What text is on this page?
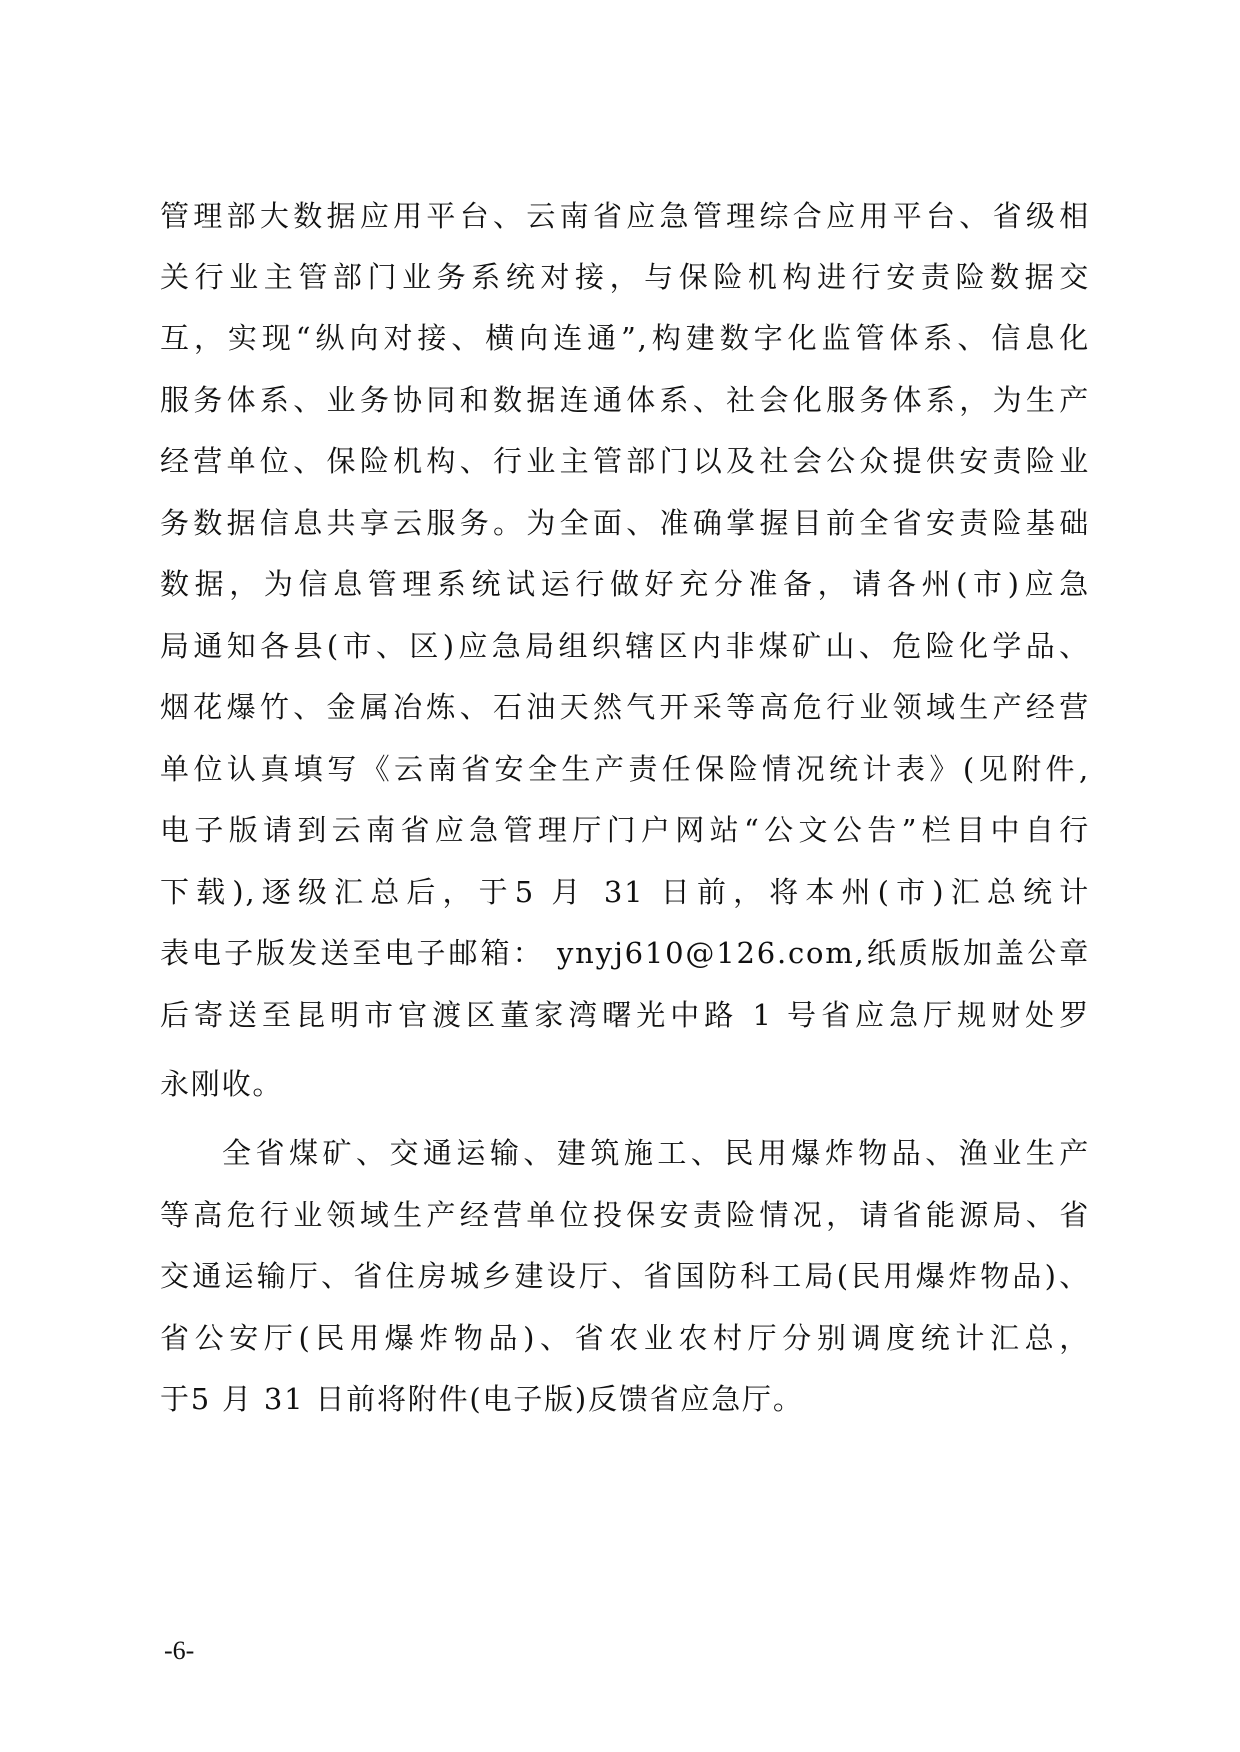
管理部大数据应用平台、云南省应急管理综合应用平台、省级相
关行业主管部门业务系统对接，与保险机构进行安责险数据交
互，实现“纵向对接、横向连通”,构建数字化监管体系、信息化
服务体系、业务协同和数据连通体系、社会化服务体系，为生产
经营单位、保险机构、行业主管部门以及社会公众提供安责险业
务数据信息共享云服务。为全面、准确掌握目前全省安责险基础
数据，为信息管理系统试运行做好充分准备，请各州(市)应急
局通知各县(市、区)应急局组织辖区内非煤矿山、危险化学品、
烟花爆竹、金属冶炼、石油天然气开采等高危行业领域生产经营
单位认真填写《云南省安全生产责任保险情况统计表》(见附件,
电子版请到云南省应急管理厅门户网站“公文公告”栏目中自行
下载),逐级汇总后，于5 月 31 日前，将本州(市)汇总统计
表电子版发送至电子邮箱： ynyj610@126.com,纸质版加盖公章
后寄送至昆明市官渡区董家湾曙光中路 1 号省应急厅规财处罗
永刚收。
全省煤矿、交通运输、建筑施工、民用爆炸物品、渔业生产
等高危行业领域生产经营单位投保安责险情况，请省能源局、省
交通运输厅、省住房城乡建设厅、省国防科工局(民用爆炸物品)、
省公安厅(民用爆炸物品)、省农业农村厅分别调度统计汇总，
于5 月 31 日前将附件(电子版)反馈省应急厅。
-6-
